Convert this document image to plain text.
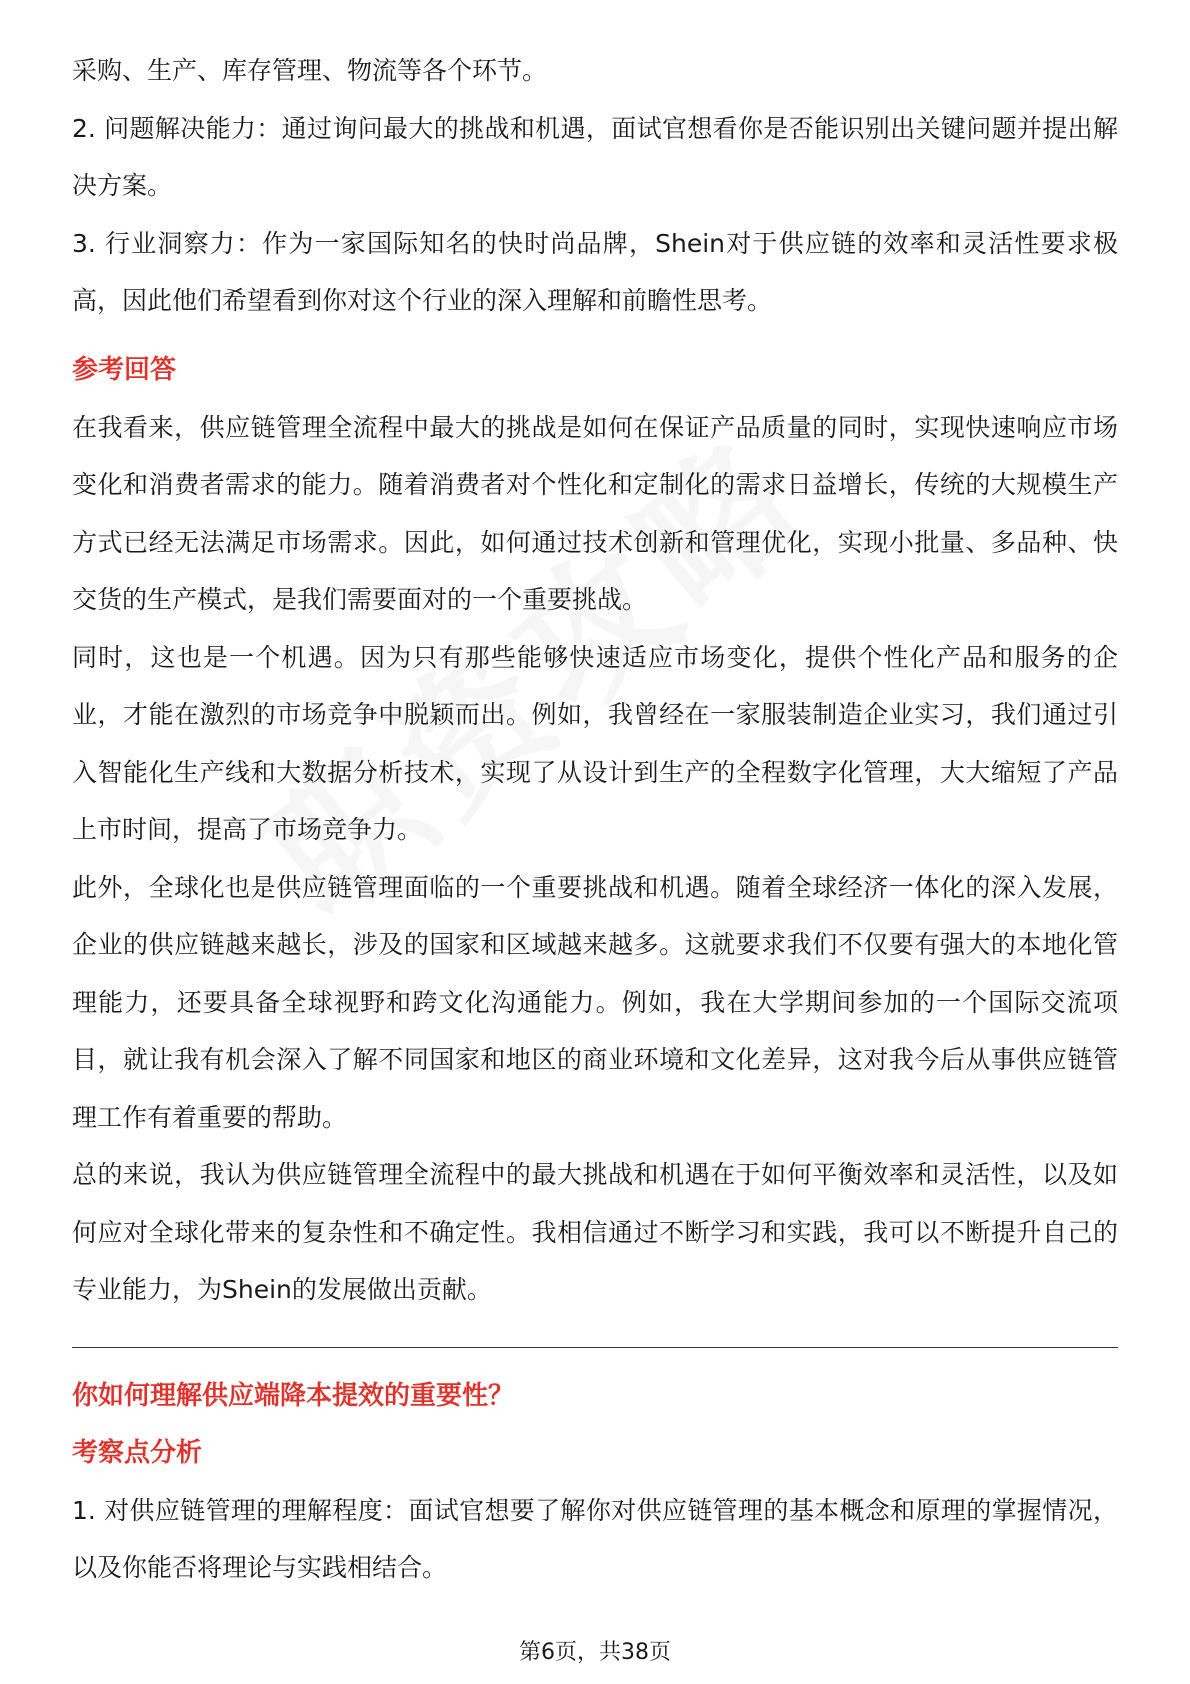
采购、生产、库存管理、物流等各个环节。

2. 问题解决能力：通过询问最大的挑战和机遇，面试官想看你是否能识别出关键问题并提出解决方案。

3. 行业洞察力：作为一家国际知名的快时尚品牌，Shein对于供应链的效率和灵活性要求极高，因此他们希望看到你对这个行业的深入理解和前瞻性思考。

参考回答

在我看来，供应链管理全流程中最大的挑战是如何在保证产品质量的同时，实现快速响应市场变化和消费者需求的能力。随着消费者对个性化和定制化的需求日益增长，传统的大规模生产方式已经无法满足市场需求。因此，如何通过技术创新和管理优化，实现小批量、多品种、快交货的生产模式，是我们需要面对的一个重要挑战。

同时，这也是一个机遇。因为只有那些能够快速适应市场变化，提供个性化产品和服务的企业，才能在激烈的市场竞争中脱颖而出。例如，我曾经在一家服装制造企业实习，我们通过引入智能化生产线和大数据分析技术，实现了从设计到生产的全程数字化管理，大大缩短了产品上市时间，提高了市场竞争力。

此外，全球化也是供应链管理面临的一个重要挑战和机遇。随着全球经济一体化的深入发展，企业的供应链越来越长，涉及的国家和区域越来越多。这就要求我们不仅要有强大的本地化管理能力，还要具备全球视野和跨文化沟通能力。例如，我在大学期间参加的一个国际交流项目，就让我有机会深入了解不同国家和地区的商业环境和文化差异，这对我今后从事供应链管理工作有着重要的帮助。

总的来说，我认为供应链管理全流程中的最大挑战和机遇在于如何平衡效率和灵活性，以及如何应对全球化带来的复杂性和不确定性。我相信通过不断学习和实践，我可以不断提升自己的专业能力，为Shein的发展做出贡献。

你如何理解供应端降本提效的重要性？
考察点分析

1. 对供应链管理的理解程度：面试官想要了解你对供应链管理的基本概念和原理的掌握情况，以及你能否将理论与实践相结合。

第6页，共38页
